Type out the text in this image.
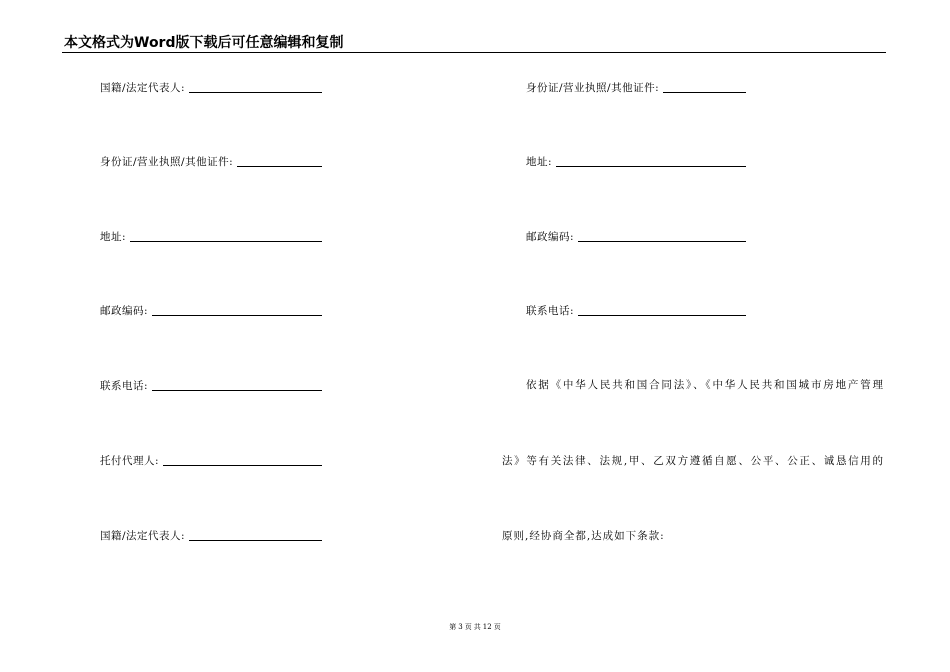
本文格式为Word版下载后可任意编辑和复制
国籍/法定代表人:
身份证/营业执照/其他证件:
地址:
邮政编码:
联系电话:
托付代理人:
国籍/法定代表人:
身份证/营业执照/其他证件:
地址:
邮政编码:
联系电话:
依据《中华人民共和国合同法》、《中华人民共和国城市房地产管理
法》等有关法律、法规,甲、乙双方遵循自愿、公平、公正、诚恳信用的
原则,经协商全都,达成如下条款:
第 3 页 共 12 页
